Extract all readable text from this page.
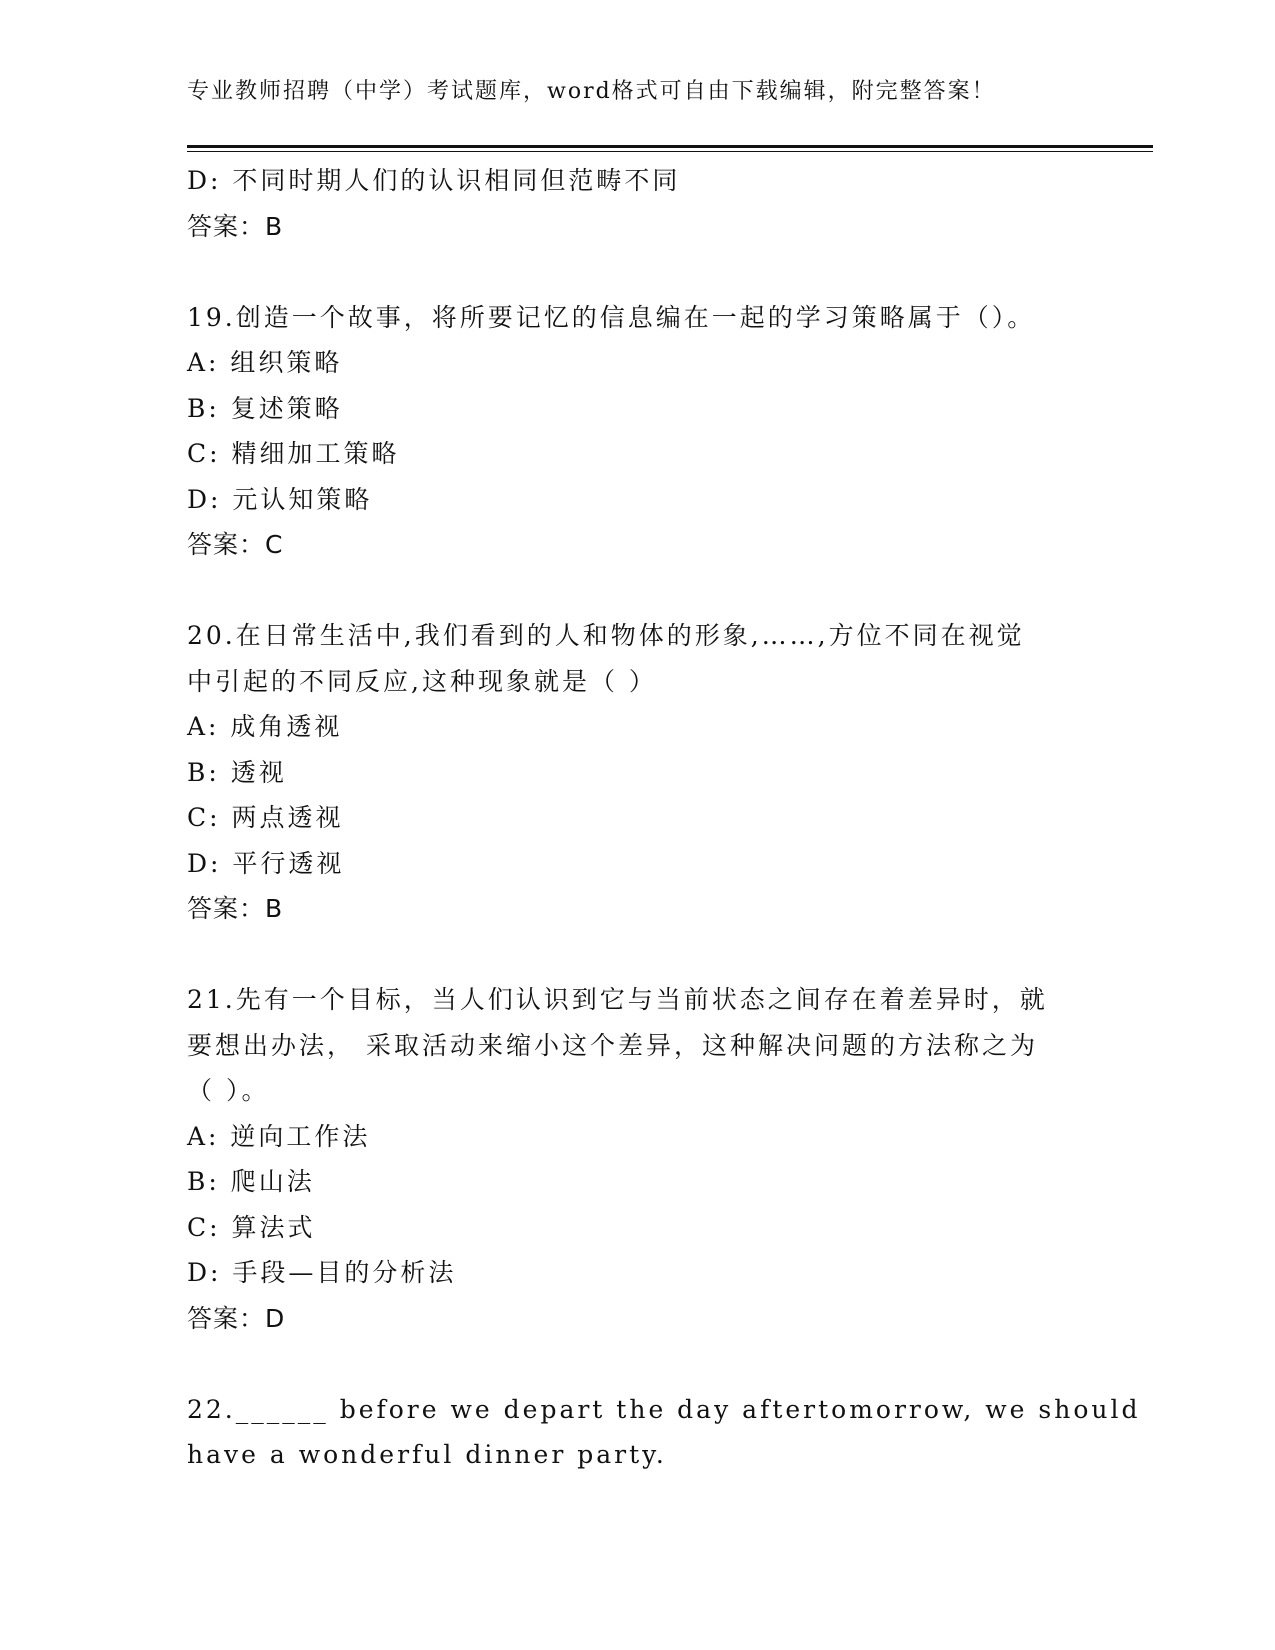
专业教师招聘（中学）考试题库，word格式可自由下载编辑，附完整答案！
D: 不同时期人们的认识相同但范畴不同
答案：B
19.创造一个故事，将所要记忆的信息编在一起的学习策略属于（）。
A: 组织策略
B: 复述策略
C: 精细加工策略
D: 元认知策略
答案：C
20.在日常生活中,我们看到的人和物体的形象,……,方位不同在视觉
中引起的不同反应,这种现象就是（ ）
A: 成角透视
B: 透视
C: 两点透视
D: 平行透视
答案：B
21.先有一个目标，当人们认识到它与当前状态之间存在着差异时，就
要想出办法， 采取活动来缩小这个差异，这种解决问题的方法称之为
（ ）。
A: 逆向工作法
B: 爬山法
C: 算法式
D: 手段—目的分析法
答案：D
22.______ before we depart the day aftertomorrow, we should
have a wonderful dinner party.
